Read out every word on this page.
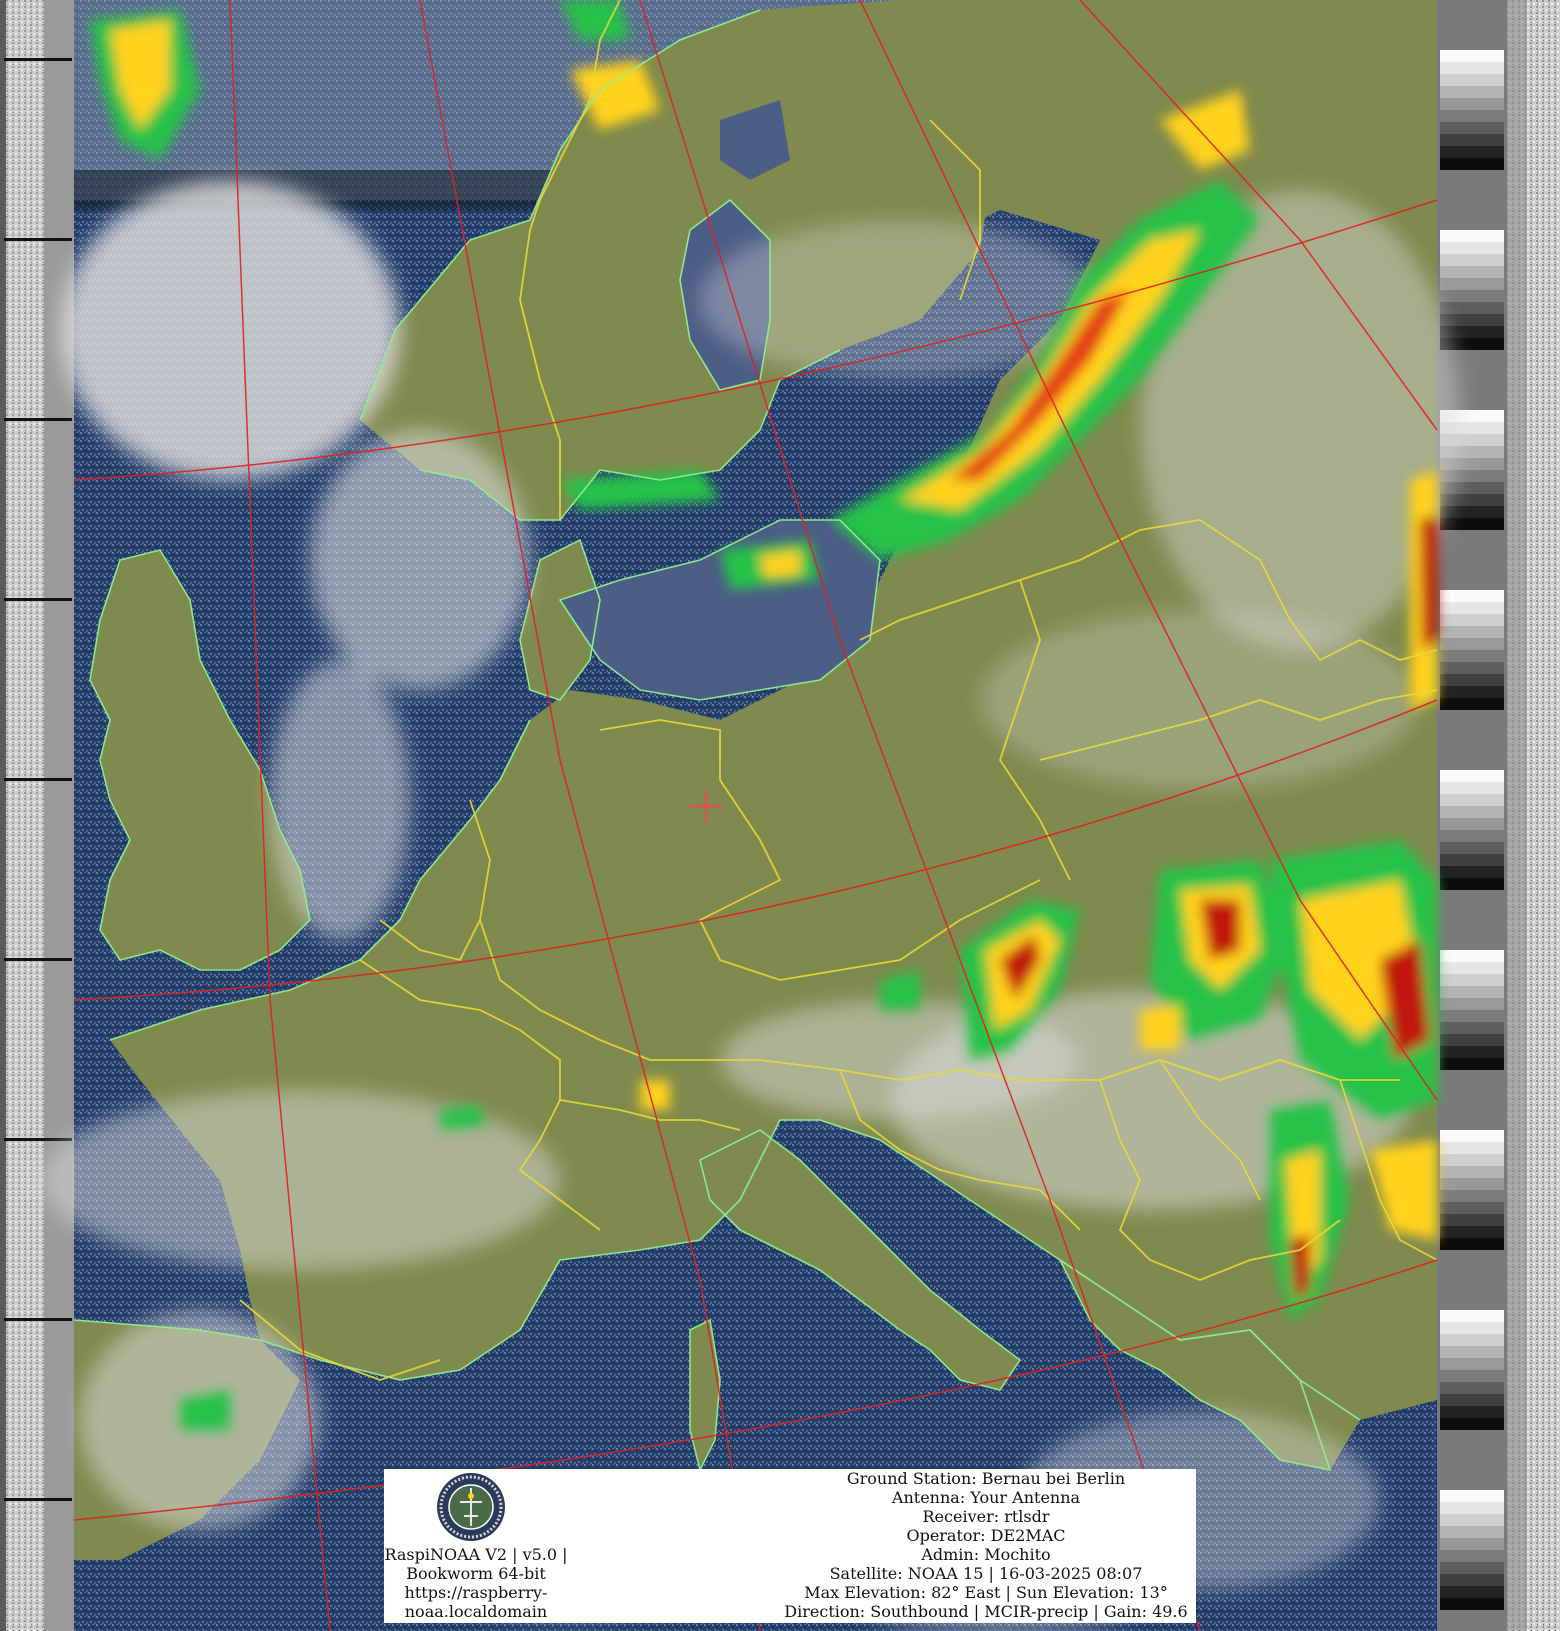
RaspiNOAA V2 | v5.0 |
Bookworm 64-bit
https://raspberry-
noaa.localdomain
Ground Station: Bernau bei Berlin
Antenna: Your Antenna
Receiver: rtlsdr
Operator: DE2MAC
Admin: Mochito
Satellite: NOAA 15 | 16-03-2025 08:07
Max Elevation: 82° East | Sun Elevation: 13°
Direction: Southbound | MCIR-precip | Gain: 49.6
